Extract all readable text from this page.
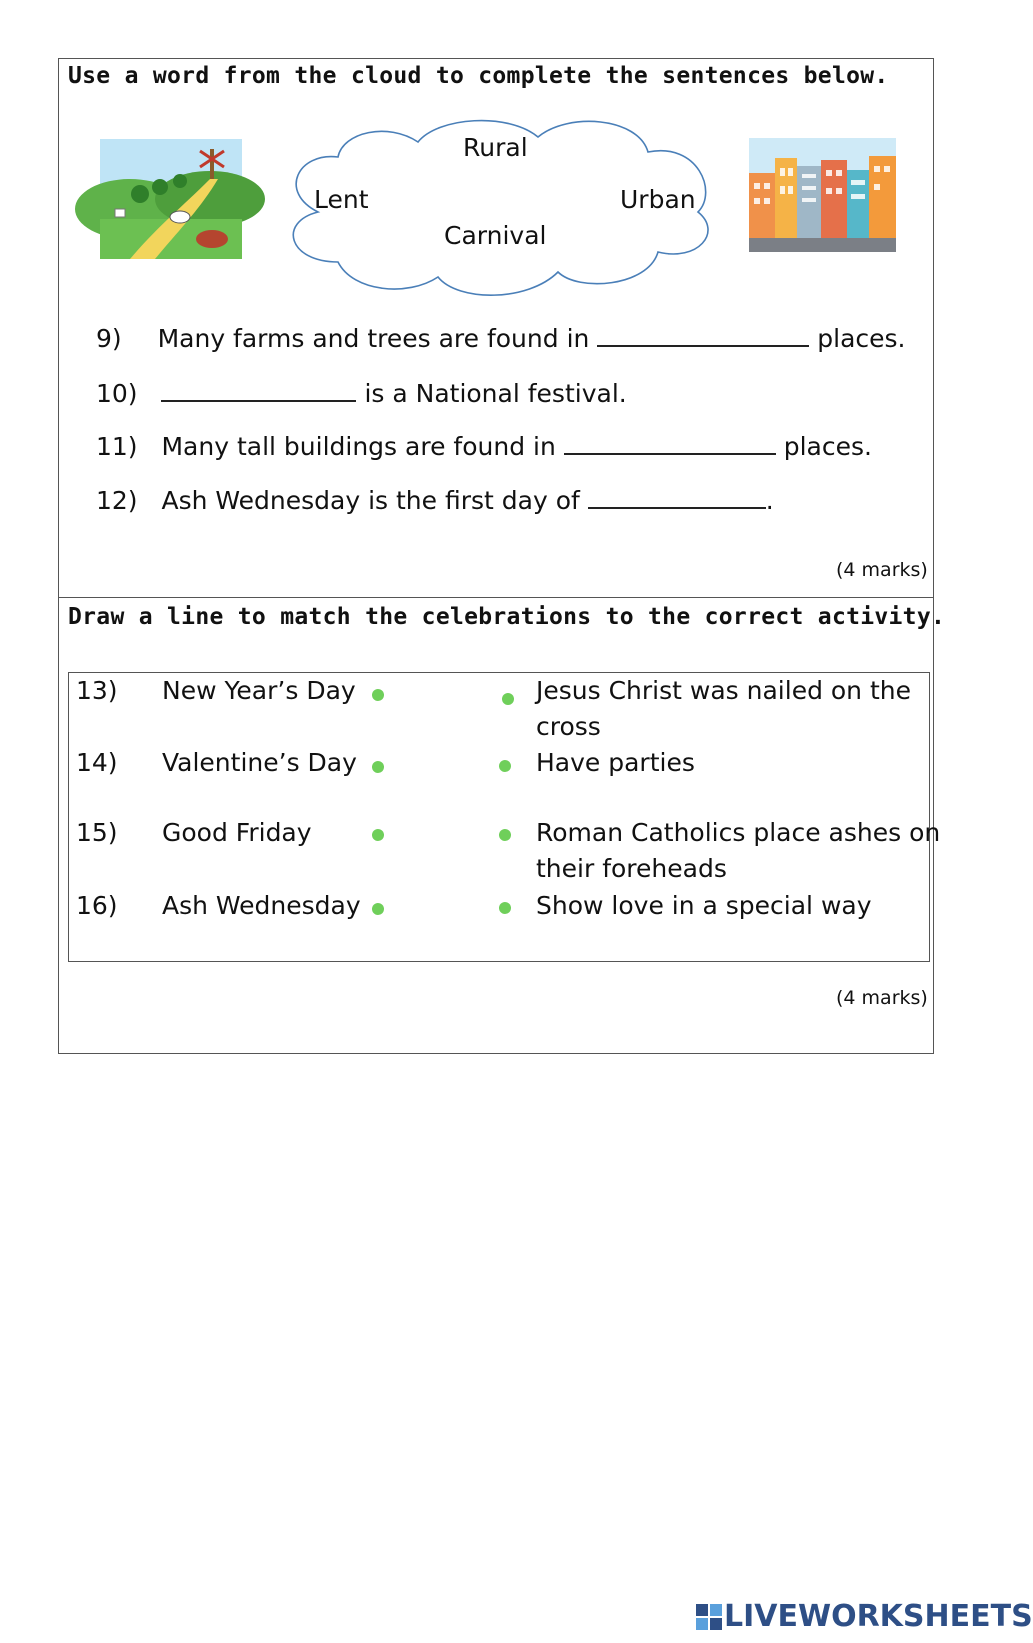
Use a word from the cloud to complete the sentences below.
Rural
Lent	Urban
Carnival
9) Many farms and trees are found in	places.
10)	is a National festival.
11) Many tall buildings are found in	places.
12) Ash Wednesday is the first day of	.
(4 marks)
Draw a line to match the celebrations to the correct activity.
13) New Year’s Day
14) Valentine’s Day
15) Good Friday
16) Ash Wednesday
Jesus Christ was nailed on the
cross
Have parties
Roman Catholics place ashes on
their foreheads
Show love in a special way
(4 marks)
LIVEWORKSHEETS
